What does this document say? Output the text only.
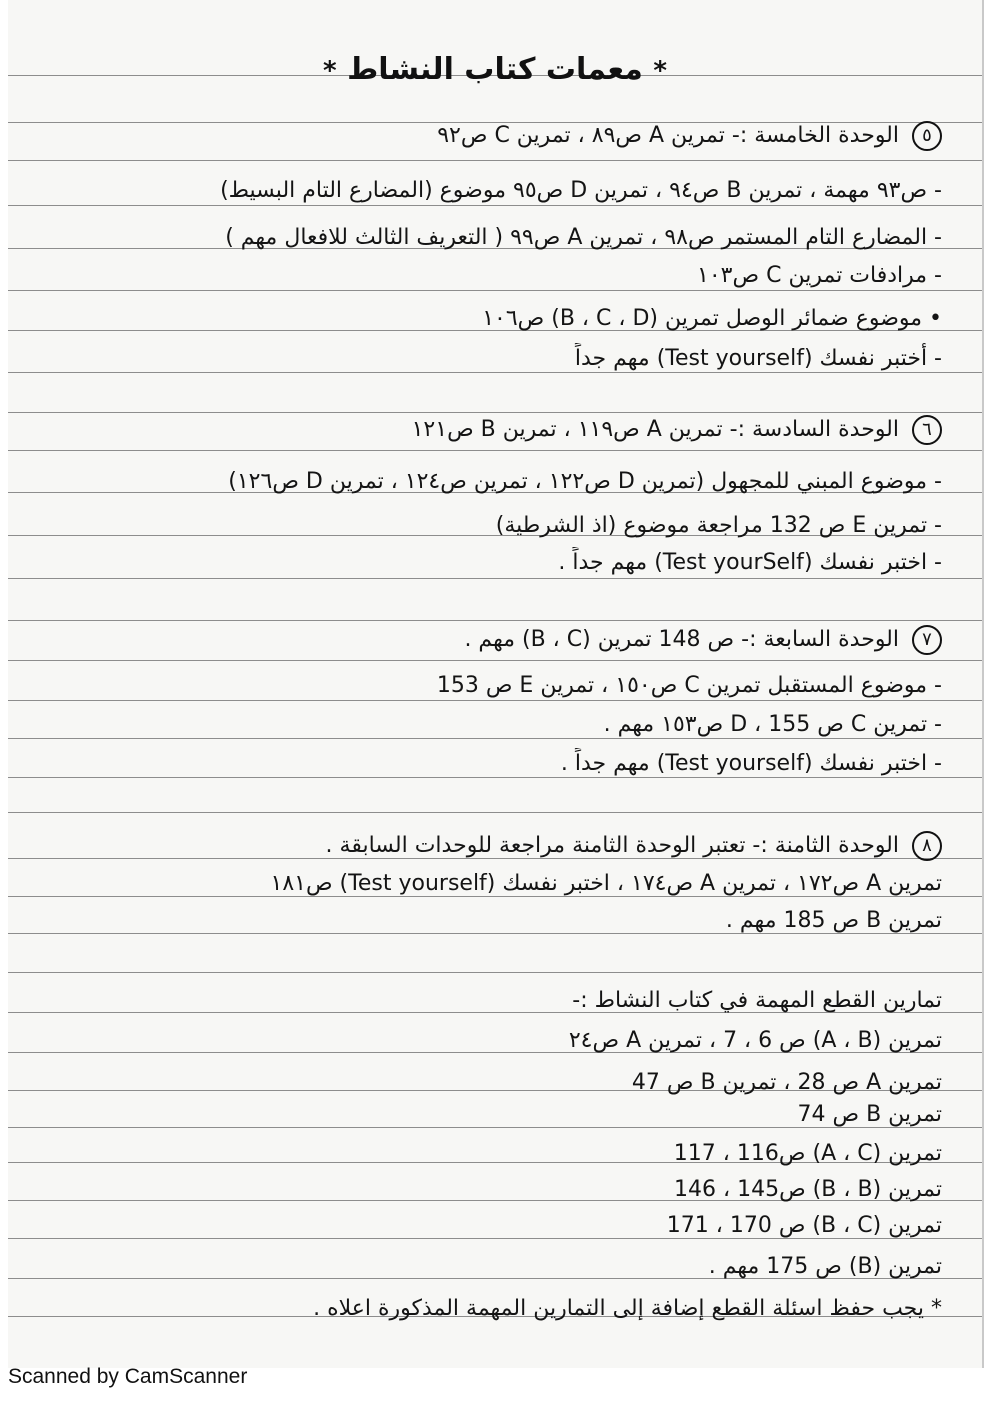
* معمات كتاب النشاط *
٥ الوحدة الخامسة :- تمرين A ص٨٩ ، تمرين C ص٩٢
- ص٩٣ مهمة ، تمرين B ص٩٤ ، تمرين D ص٩٥ موضوع (المضارع التام البسيط)
- المضارع التام المستمر ص٩٨ ، تمرين A ص٩٩ ( التعريف الثالث للافعال مهم )
- مرادفات تمرين C ص١٠٣
• موضوع ضمائر الوصل تمرين (B ، C ، D) ص١٠٦
- أختبر نفسك (Test yourself) مهم جداً
٦ الوحدة السادسة :- تمرين A ص١١٩ ، تمرين B ص١٢١
- موضوع المبني للمجهول (تمرين D ص١٢٢ ، تمرين ص١٢٤ ، تمرين D ص١٢٦)
- تمرين E ص 132 مراجعة موضوع (اذ الشرطية)
- اختبر نفسك (Test yourSelf) مهم جداً .
٧ الوحدة السابعة :- ص 148 تمرين (B ، C) مهم .
- موضوع المستقبل تمرين C ص١٥٠ ، تمرين E ص 153
- تمرين C ص 155 ، D ص١٥٣ مهم .
- اختبر نفسك (Test yourself) مهم جداً .
٨ الوحدة الثامنة :- تعتبر الوحدة الثامنة مراجعة للوحدات السابقة .
تمرين A ص١٧٢ ، تمرين A ص١٧٤ ، اختبر نفسك (Test yourself) ص١٨١
تمرين B ص 185 مهم .
تمارين القطع المهمة في كتاب النشاط :-
تمرين (A ، B) ص 6 ، 7 ، تمرين A ص٢٤
تمرين A ص 28 ، تمرين B ص 47
تمرين B ص 74
تمرين (A ، C) ص116 ، 117
تمرين (B ، B) ص145 ، 146
تمرين (B ، C) ص 170 ، 171
تمرين (B) ص 175 مهم .
* يجب حفظ اسئلة القطع إضافة إلى التمارين المهمة المذكورة اعلاه .
Scanned by CamScanner
